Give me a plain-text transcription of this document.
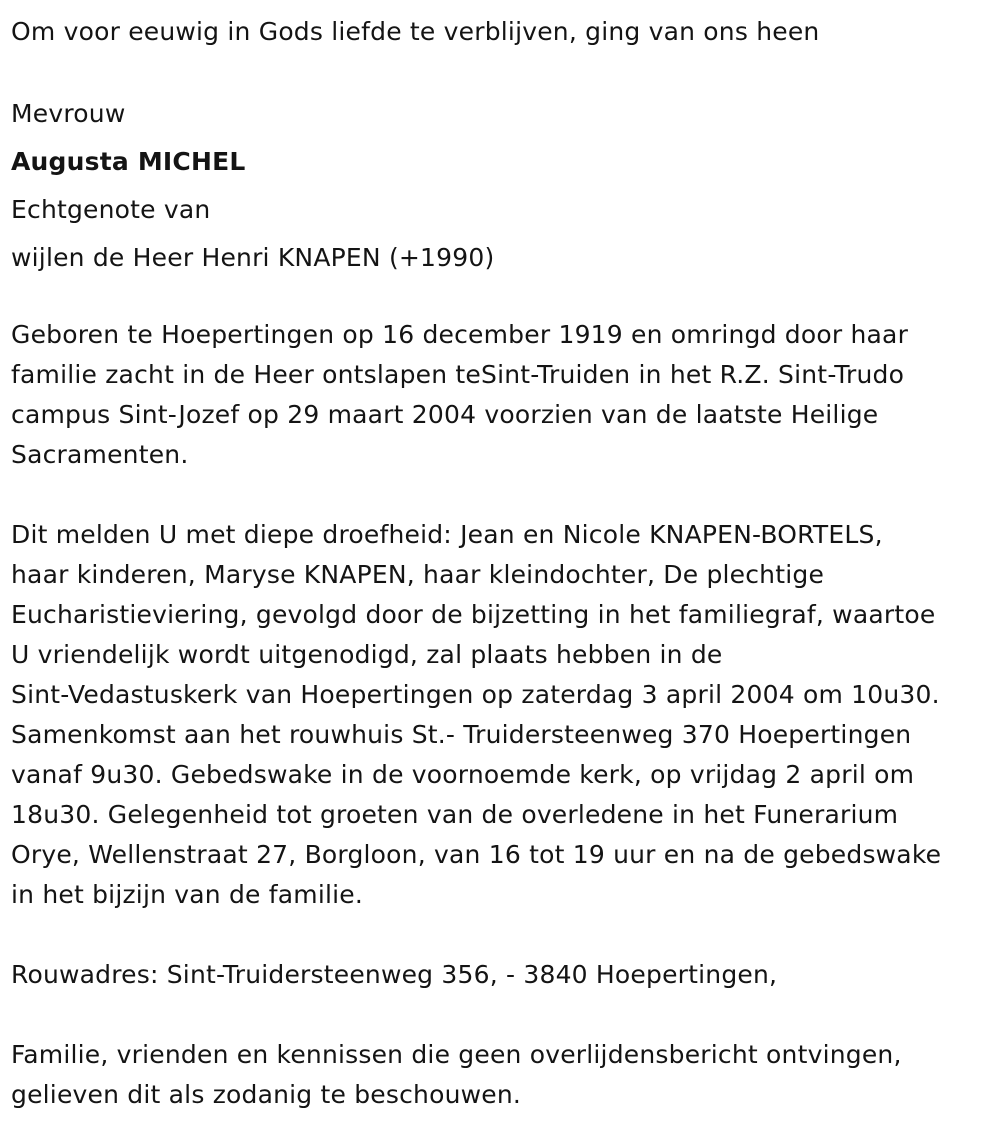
Om voor eeuwig in Gods liefde te verblijven, ging van ons heen

Mevrouw

Augusta MICHEL

Echtgenote van

wijlen de Heer Henri KNAPEN (+1990)

Geboren te Hoepertingen op 16 december 1919 en omringd door haar

familie zacht in de Heer ontslapen teSint-Truiden in het R.Z. Sint-Trudo

campus Sint-Jozef op 29 maart 2004 voorzien van de laatste Heilige

Sacramenten.

Dit melden U met diepe droefheid: Jean en Nicole KNAPEN-BORTELS,

haar kinderen, Maryse KNAPEN, haar kleindochter, De plechtige

Eucharistieviering, gevolgd door de bijzetting in het familiegraf, waartoe

U vriendelijk wordt uitgenodigd, zal plaats hebben in de

Sint-Vedastuskerk van Hoepertingen op zaterdag 3 april 2004 om 10u30.

Samenkomst aan het rouwhuis St.- Truidersteenweg 370 Hoepertingen

vanaf 9u30. Gebedswake in de voornoemde kerk, op vrijdag 2 april om

18u30. Gelegenheid tot groeten van de overledene in het Funerarium

Orye, Wellenstraat 27, Borgloon, van 16 tot 19 uur en na de gebedswake

in het bijzijn van de familie.

Rouwadres: Sint-Truidersteenweg 356, - 3840 Hoepertingen,

Familie, vrienden en kennissen die geen overlijdensbericht ontvingen,

gelieven dit als zodanig te beschouwen.
